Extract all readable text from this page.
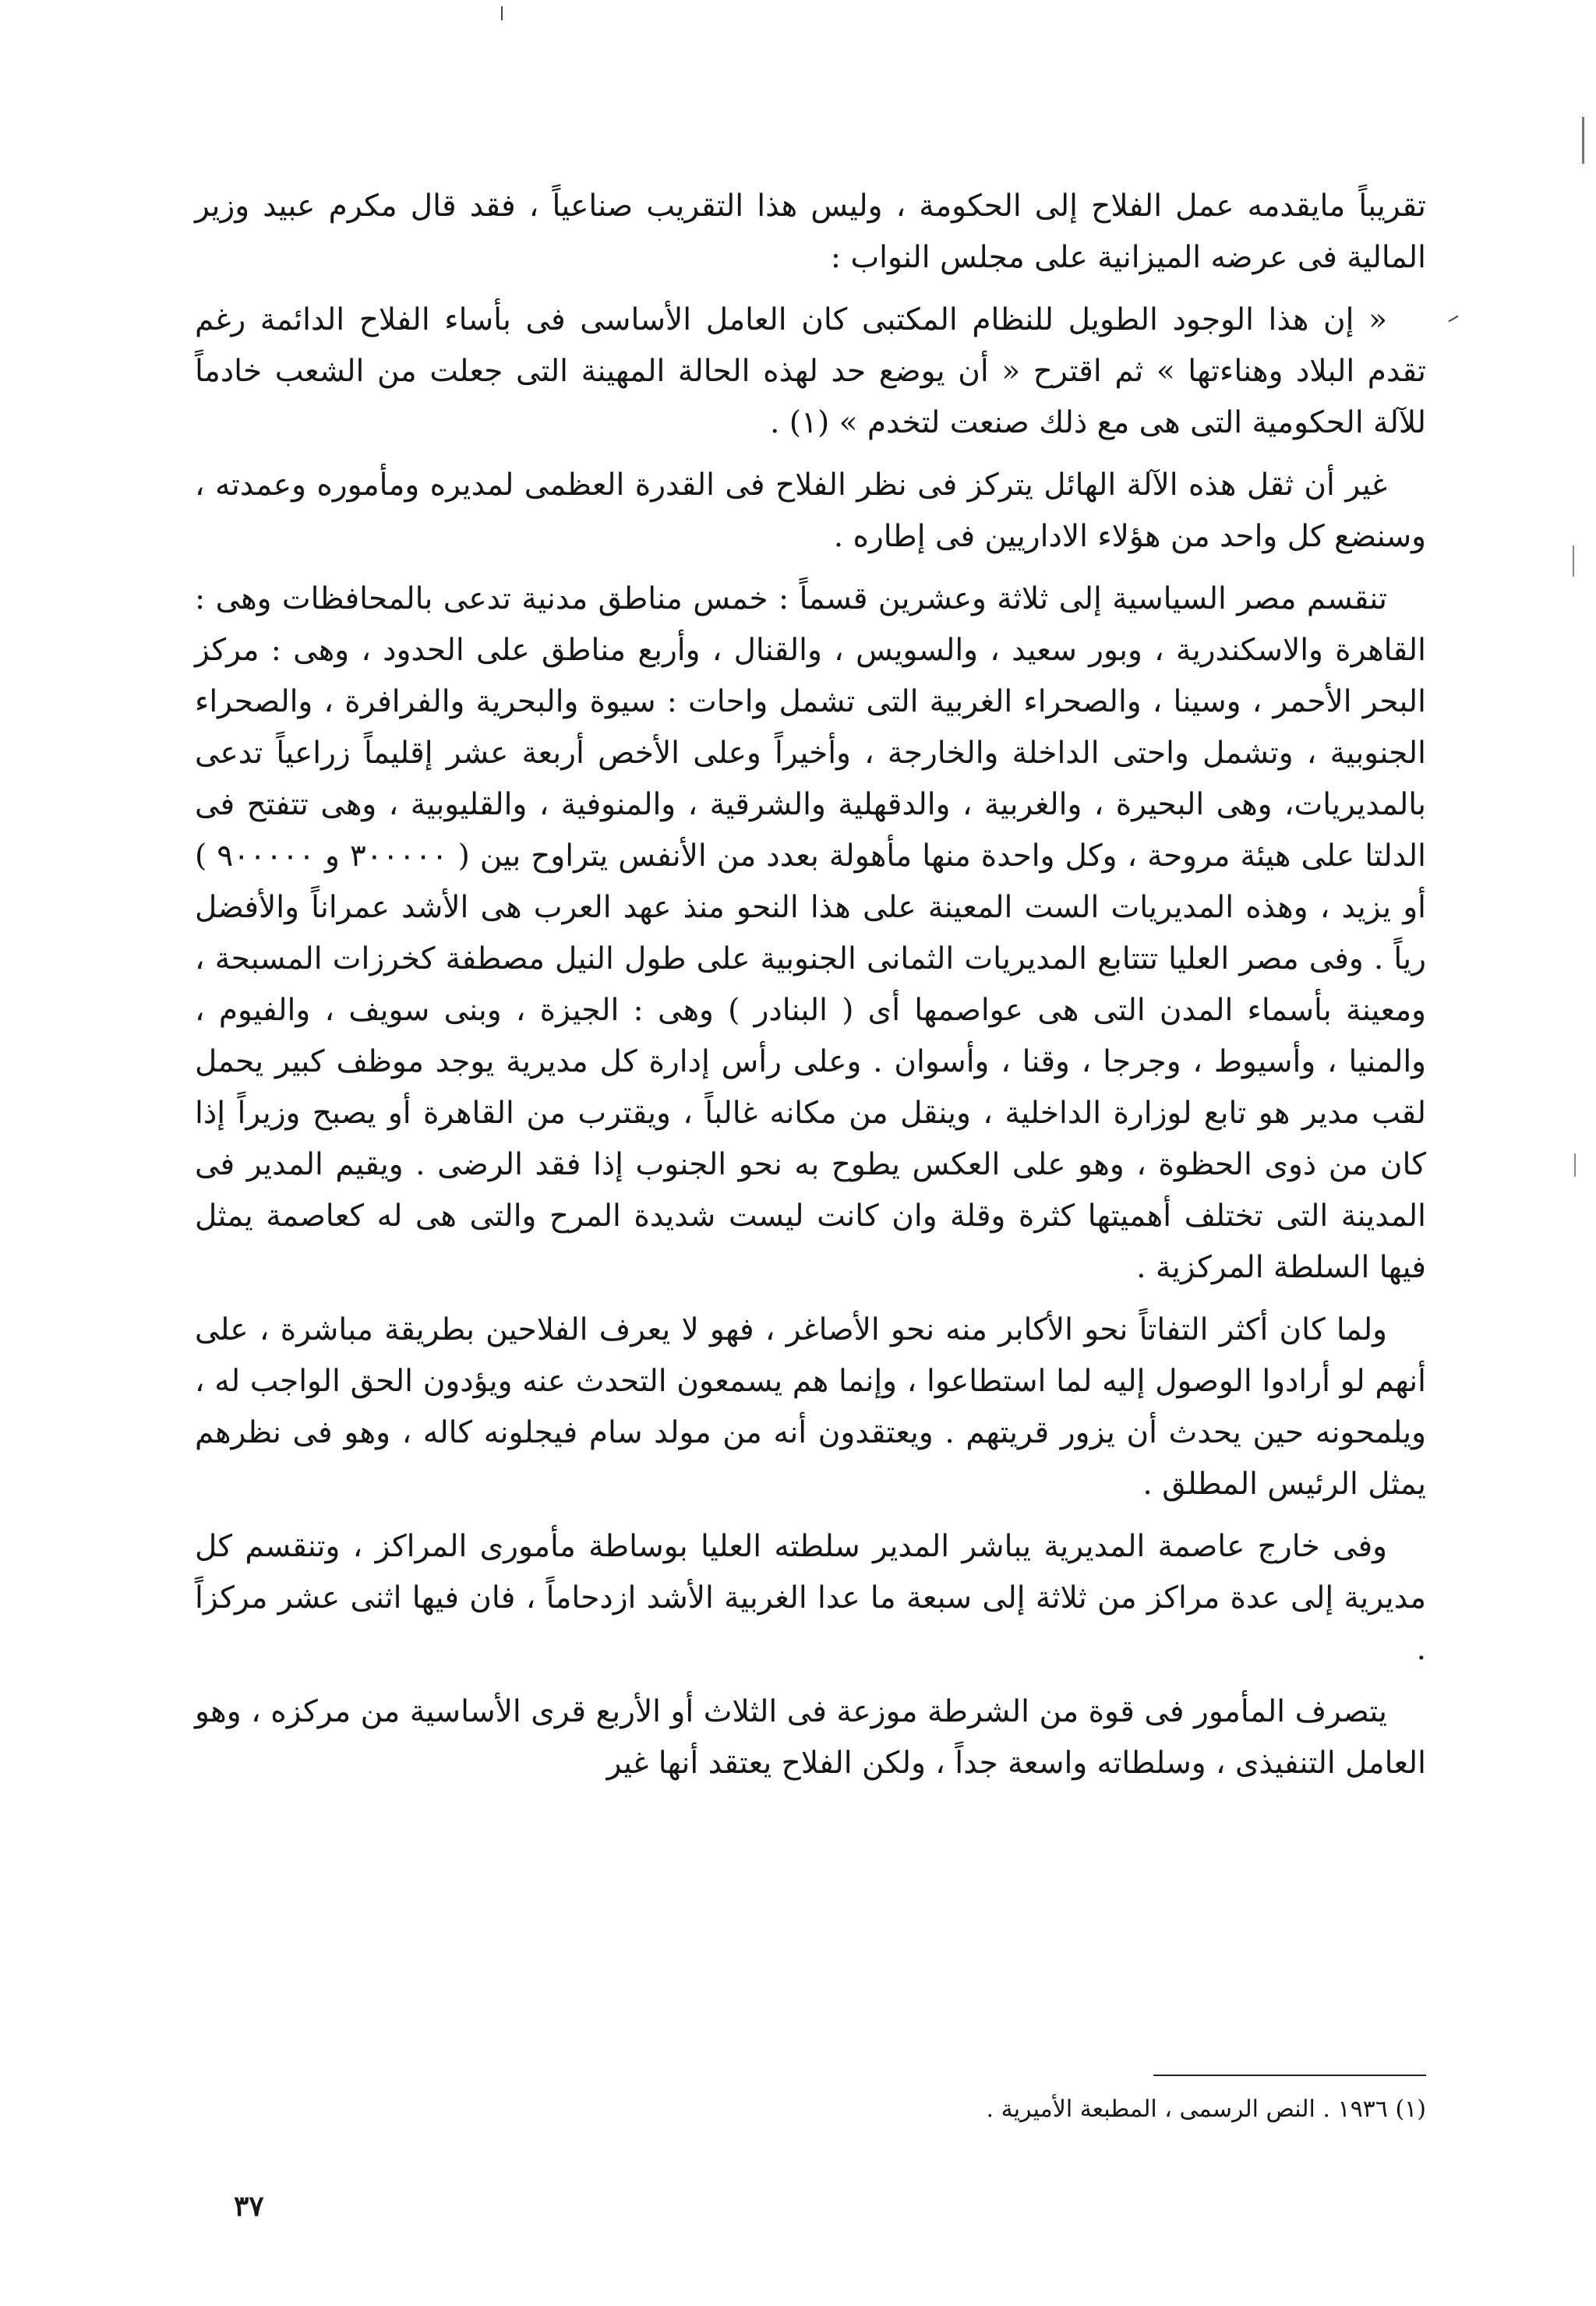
تقريباً مايقدمه عمل الفلاح إلى الحكومة ، وليس هذا التقريب صناعياً ، فقد قال مكرم عبيد وزير المالية فى عرضه الميزانية على مجلس النواب :

« إن هذا الوجود الطويل للنظام المكتبى كان العامل الأساسى فى بأساء الفلاح الدائمة رغم تقدم البلاد وهناءتها » ثم اقترح « أن يوضع حد لهذه الحالة المهينة التى جعلت من الشعب خادماً للآلة الحكومية التى هى مع ذلك صنعت لتخدم » (١) .

غير أن ثقل هذه الآلة الهائل يتركز فى نظر الفلاح فى القدرة العظمى لمديره ومأموره وعمدته ، وسنضع كل واحد من هؤلاء الاداريين فى إطاره .

تنقسم مصر السياسية إلى ثلاثة وعشرين قسماً : خمس مناطق مدنية تدعى بالمحافظات وهى : القاهرة والاسكندرية ، وبور سعيد ، والسويس ، والقنال ، وأربع مناطق على الحدود ، وهى : مركز البحر الأحمر ، وسينا ، والصحراء الغربية التى تشمل واحات : سيوة والبحرية والفرافرة ، والصحراء الجنوبية ، وتشمل واحتى الداخلة والخارجة ، وأخيراً وعلى الأخص أربعة عشر إقليماً زراعياً تدعى بالمديريات، وهى البحيرة ، والغربية ، والدقهلية والشرقية ، والمنوفية ، والقليوبية ، وهى تتفتح فى الدلتا على هيئة مروحة ، وكل واحدة منها مأهولة بعدد من الأنفس يتراوح بين ( ٣٠٠٠٠٠ و ٩٠٠٠٠٠ ) أو يزيد ، وهذه المديريات الست المعينة على هذا النحو منذ عهد العرب هى الأشد عمراناً والأفضل رياً . وفى مصر العليا تتتابع المديريات الثمانى الجنوبية على طول النيل مصطفة كخرزات المسبحة ، ومعينة بأسماء المدن التى هى عواصمها أى ( البنادر ) وهى : الجيزة ، وبنى سويف ، والفيوم ، والمنيا ، وأسيوط ، وجرجا ، وقنا ، وأسوان . وعلى رأس إدارة كل مديرية يوجد موظف كبير يحمل لقب مدير هو تابع لوزارة الداخلية ، وينقل من مكانه غالباً ، ويقترب من القاهرة أو يصبح وزيراً إذا كان من ذوى الحظوة ، وهو على العكس يطوح به نحو الجنوب إذا فقد الرضى . ويقيم المدير فى المدينة التى تختلف أهميتها كثرة وقلة وان كانت ليست شديدة المرح والتى هى له كعاصمة يمثل فيها السلطة المركزية .

ولما كان أكثر التفاتاً نحو الأكابر منه نحو الأصاغر ، فهو لا يعرف الفلاحين بطريقة مباشرة ، على أنهم لو أرادوا الوصول إليه لما استطاعوا ، وإنما هم يسمعون التحدث عنه ويؤدون الحق الواجب له ، ويلمحونه حين يحدث أن يزور قريتهم . ويعتقدون أنه من مولد سام فيجلونه كاله ، وهو فى نظرهم يمثل الرئيس المطلق .

وفى خارج عاصمة المديرية يباشر المدير سلطته العليا بوساطة مأمورى المراكز ، وتنقسم كل مديرية إلى عدة مراكز من ثلاثة إلى سبعة ما عدا الغربية الأشد ازدحاماً ، فان فيها اثنى عشر مركزاً .

يتصرف المأمور فى قوة من الشرطة موزعة فى الثلاث أو الأربع قرى الأساسية من مركزه ، وهو العامل التنفيذى ، وسلطاته واسعة جداً ، ولكن الفلاح يعتقد أنها غير

(١) ١٩٣٦ . النص الرسمى ، المطبعة الأميرية .
٣٧
